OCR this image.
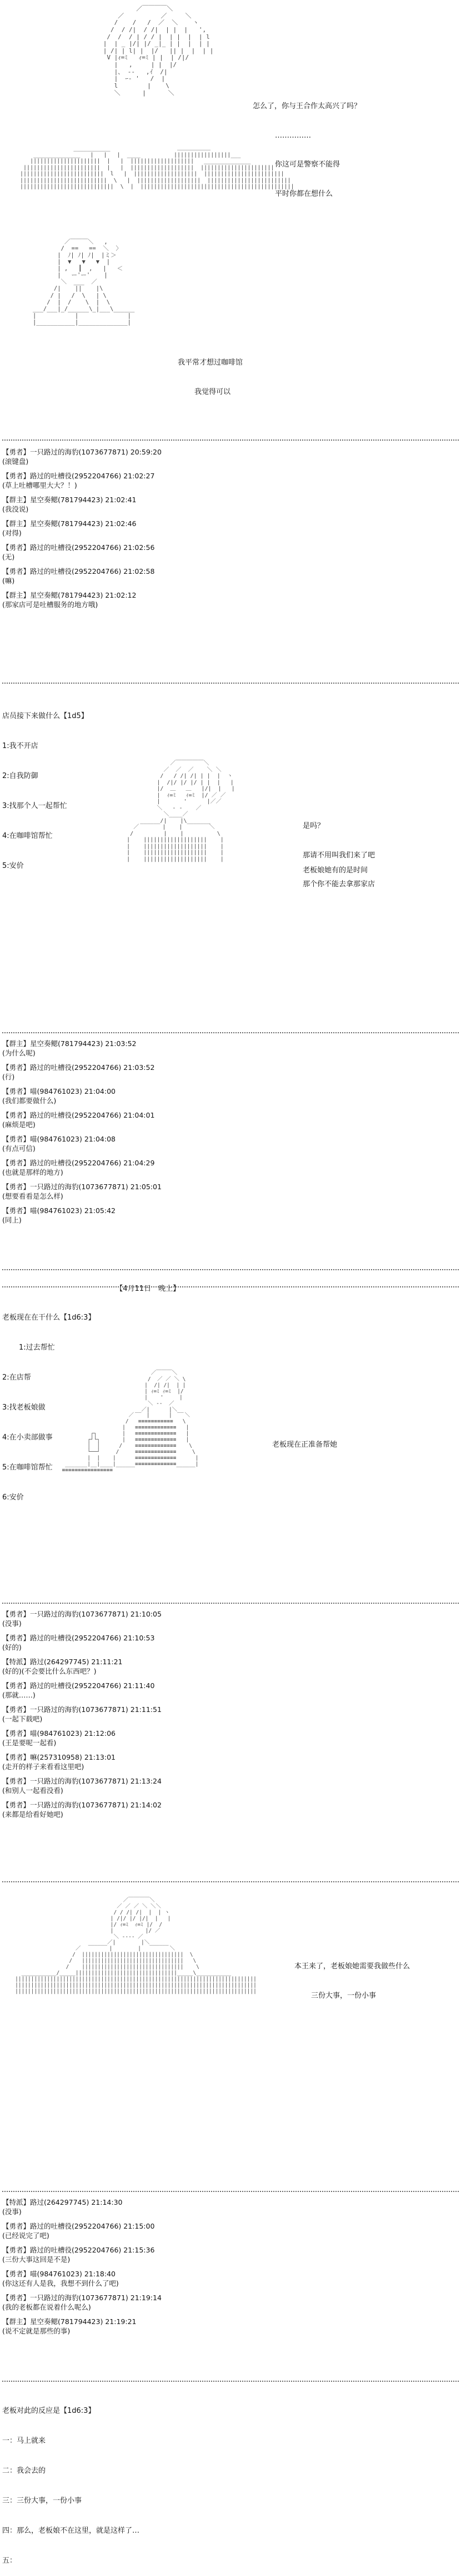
／￣￣￣￣＼
／          ／     ＼
/    /   /  ／  ＼    ヽ
/  / /|  / /|  | |  |   ',
/  /  / | / / |  | |  |  | l
|  | _ |/| |/ _|_ | |  |  | |
| /| | l| |  |/   || |  |  | |
V |ｨ=ﾐ   ｨ=ﾐ | |  | /|/
|   ,     | |  |/
|、 ‐-   ,ｲ  /|
|  ｰ- '   /  |
l        |    \
＼      |      ＼

___________                    ＿＿＿＿＿＿
______________   |   |   |  ____          |||||||||||||||||___
|||||||||||||||||||||  |   |  |||||||||||||||||||   ______________
|||||||||||||||||||||||  |   |  |||||||||||||||||||  ||||||||||||||||||||||
|||||||||||||||||||||||||  l   |  |||||||||||||||||||  ||||||||||||||||||||||||
||||||||||||||||||||||||||  \   |  |||||||||||||||||||  |||||||||||||||||||||||||
||||||||||||||||||||||||||||  \  |  ||||||||||||||||||||||||||||||||||||||||||||||

怎么了，你与王合作太高兴了吗？

……………

你这可是警察不能得

平时你都在想什么

／￣￣￣＼   ,
/  ==   ==  ＼  〉
|  ﾉ| ﾉ| ﾉ|  |ミ＞
|  ▼   ▼   ▼  |
| ,   ┃  ,   |   ＜
|   ー'ー'    |
＼  ___  ／
/|    ||    |\
/ |   /  \   | \
/  |  /    \  |  \
___/___|_/______\_|___\______
|           |              |
|___________|______________|

我平常才想过咖啡馆

我觉得可以

【勇者】一只路过的海豹(1073677871) 20:59:20
(滚键盘)
【勇者】路过的吐槽役(2952204766) 21:02:27
(草上吐槽哪里大大？！)
【群主】星空奏鳃(781794423) 21:02:41
(我没说)
【群主】星空奏鳃(781794423) 21:02:46
(对得)
【勇者】路过的吐槽役(2952204766) 21:02:56
(无)
【勇者】路过的吐槽役(2952204766) 21:02:58
(嘛)
【群主】星空奏鳃(781794423) 21:02:12
(那家店可是吐槽服务的地方哦)

店员接下来做什么【1d5】

1:我不开店

2:自我防御

3:找那个人一起帮忙

4:在咖啡馆帮忙

5:安价

／￣￣￣￣￣＼
／  ／  ／    ＼ ＼
/   / /| /| | |  |  ヽ
|  /|/ |/ |/ | |  |   |
|/  ＿   ＿   |/|  |   |
|  ｨ=ﾐ   ｨ=ﾐ  |/ ／ ／
|       '      |／／
＼   ‐ ‐    ／
＼____／
______/|    |\_______
／       |    |        ＼
/         |    |          \
|    |||||||||||||||||||    |
|    |||||||||||||||||||    |
|    |||||||||||||||||||    |
|    |||||||||||||||||||    |

是吗？

那请不用叫我们来了吧

那个你不能去拿那家店

老板娘她有的是时间

【群主】星空奏鳃(781794423) 21:03:52
(为什么呢)
【勇者】路过的吐槽役(2952204766) 21:03:52
(行)
【勇者】喵(984761023) 21:04:00
(我们都要做什么)
【勇者】路过的吐槽役(2952204766) 21:04:01
(麻烦是吧)
【勇者】喵(984761023) 21:04:08
(有点可信)
【勇者】路过的吐槽役(2952204766) 21:04:29
(也就是那样的地方)
【勇者】一只路过的海豹(1073677871) 21:05:01
(想要看看是怎么样)
【勇者】喵(984761023) 21:05:42
(同上)

【4月11日　晚上】

老板现在在干什么【1d6:3】

1:过去帮忙

2:在店帮

3:找老板娘做

4:在小卖部做事

5:在咖啡馆帮忙

6:安价

／￣￣￣＼
/  ／ ／ ＼ \
|  /| /|  | |
| ｨ=ﾐ ｨ=ﾐ  |/
|    '     |
＼ ‐‐  ／
__／|      |＼__
／    |      |    ＼
/   ≡≡≡≡≡≡≡≡≡≡≡   \
|   ≡≡≡≡≡≡≡≡≡≡≡≡≡   |
┌┐        |   ≡≡≡≡≡≡≡≡≡≡≡≡≡   |
┌┘└┐       |   ≡≡≡≡≡≡≡≡≡≡≡≡≡   |
│  │      /    ≡≡≡≡≡≡≡≡≡≡≡≡≡    \
└──┘     /     ≡≡≡≡≡≡≡≡≡≡≡≡≡     \
|  |    |      ≡≡≡≡≡≡≡≡≡≡≡≡≡      |
_______|__|____|______≡≡≡≡≡≡≡≡≡≡≡≡≡______|
≡≡≡≡≡≡≡≡≡≡≡≡≡≡≡≡

老板现在正准备帮她

【勇者】一只路过的海豹(1073677871) 21:10:05
(没事)
【勇者】路过的吐槽役(2952204766) 21:10:53
(好的)
【特派】路过(264297745) 21:11:21
(好的)(不会要比什么东西吧？)
【勇者】路过的吐槽役(2952204766) 21:11:40
(那就……)
【勇者】一只路过的海豹(1073677871) 21:11:51
(一起下载吧)
【勇者】喵(984761023) 21:12:06
(王是要呢一起看)
【勇者】嘛(257310958) 21:13:01
(走开的样子来看看这里吧)
【勇者】一只路过的海豹(1073677871) 21:13:24
(和别人一起看没看)
【勇者】一只路过的海豹(1073677871) 21:14:02
(来都是给看好她吧)
／￣￣￣￣＼
／ ／ ／ ＼ ＼＼
/ / /| /|  |  | ヽ
| /|/ |/ |/|  |   |
|/ ｨ=ﾐ  ｨ=ﾐ |/  /
|          |/ ／
＼ ‐‐‐‐ ／
______／|        |＼______
／         |        |         ＼
/  ||||||||||||||||||||||||||||||||  \
/   ||||||||||||||||||||||||||||||||   \
/    ||||||||||||||||||||||||||||||||    \
___________/_____||||||||||||||||||||||||||||||||_____\___________
||||||||||||||||||||||||||||||||||||||||||||||||||||||||||||||||||||||||||||
||||||||||||||||||||||||||||||||||||||||||||||||||||||||||||||||||||||||||||
||||||||||||||||||||||||||||||||||||||||||||||||||||||||||||||||||||||||||||

本王来了，老板娘她需要我做些什么

三份大事，一份小事

【特派】路过(264297745) 21:14:30
(没事)
【勇者】路过的吐槽役(2952204766) 21:15:00
(已经说完了吧)
【勇者】路过的吐槽役(2952204766) 21:15:36
(三份大事这回是不是)
【勇者】喵(984761023) 21:18:40
(你这还有人是我，我想不到什么了吧)
【勇者】一只路过的海豹(1073677871) 21:19:14
(我的老板都在说着什么呢么)
【群主】星空奏鳃(781794423) 21:19:21
(说不定就是那些的事)

老板对此的反应是【1d6:3】

一：马上就来

二：我会去的

三：三份大事，一份小事

四：那么，老板娘不在这里，就是这样了…

五：
